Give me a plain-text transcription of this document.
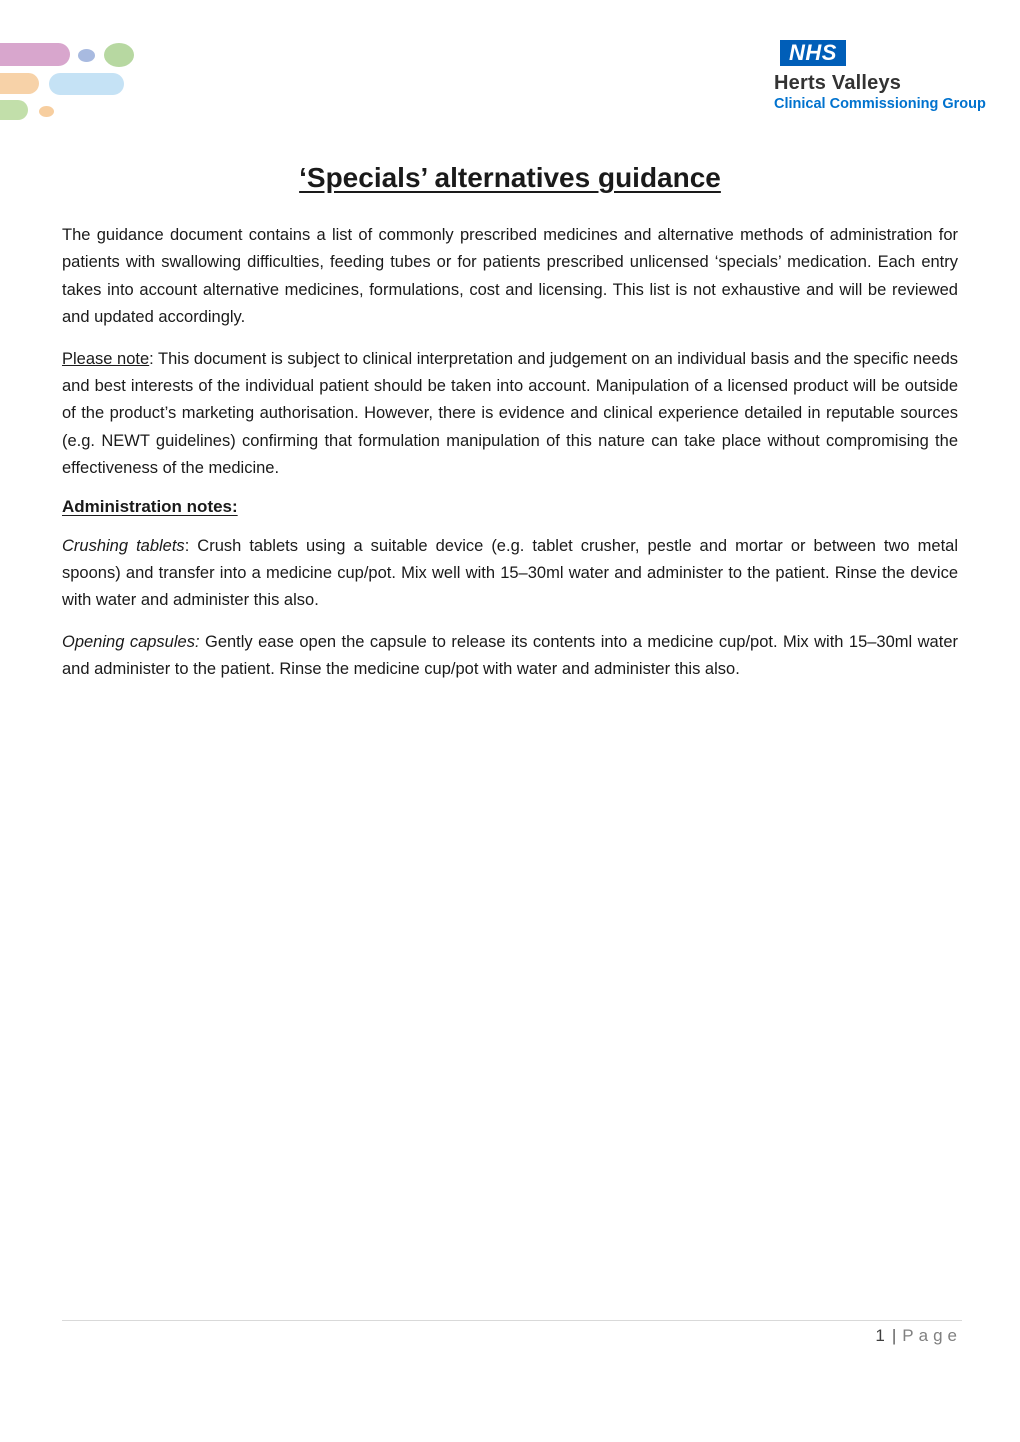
NHS
Herts Valleys
Clinical Commissioning Group
‘Specials’ alternatives guidance

The guidance document contains a list of commonly prescribed medicines and alternative methods of administration for patients with swallowing difficulties, feeding tubes or for patients prescribed unlicensed ‘specials’ medication. Each entry takes into account alternative medicines, formulations, cost and licensing. This list is not exhaustive and will be reviewed and updated accordingly.

Please note: This document is subject to clinical interpretation and judgement on an individual basis and the specific needs and best interests of the individual patient should be taken into account. Manipulation of a licensed product will be outside of the product’s marketing authorisation. However, there is evidence and clinical experience detailed in reputable sources (e.g. NEWT guidelines) confirming that formulation manipulation of this nature can take place without compromising the effectiveness of the medicine.

Administration notes:

Crushing tablets: Crush tablets using a suitable device (e.g. tablet crusher, pestle and mortar or between two metal spoons) and transfer into a medicine cup/pot. Mix well with 15–30ml water and administer to the patient. Rinse the device with water and administer this also.

Opening capsules: Gently ease open the capsule to release its contents into a medicine cup/pot. Mix with 15–30ml water and administer to the patient. Rinse the medicine cup/pot with water and administer this also.

1 | Page
